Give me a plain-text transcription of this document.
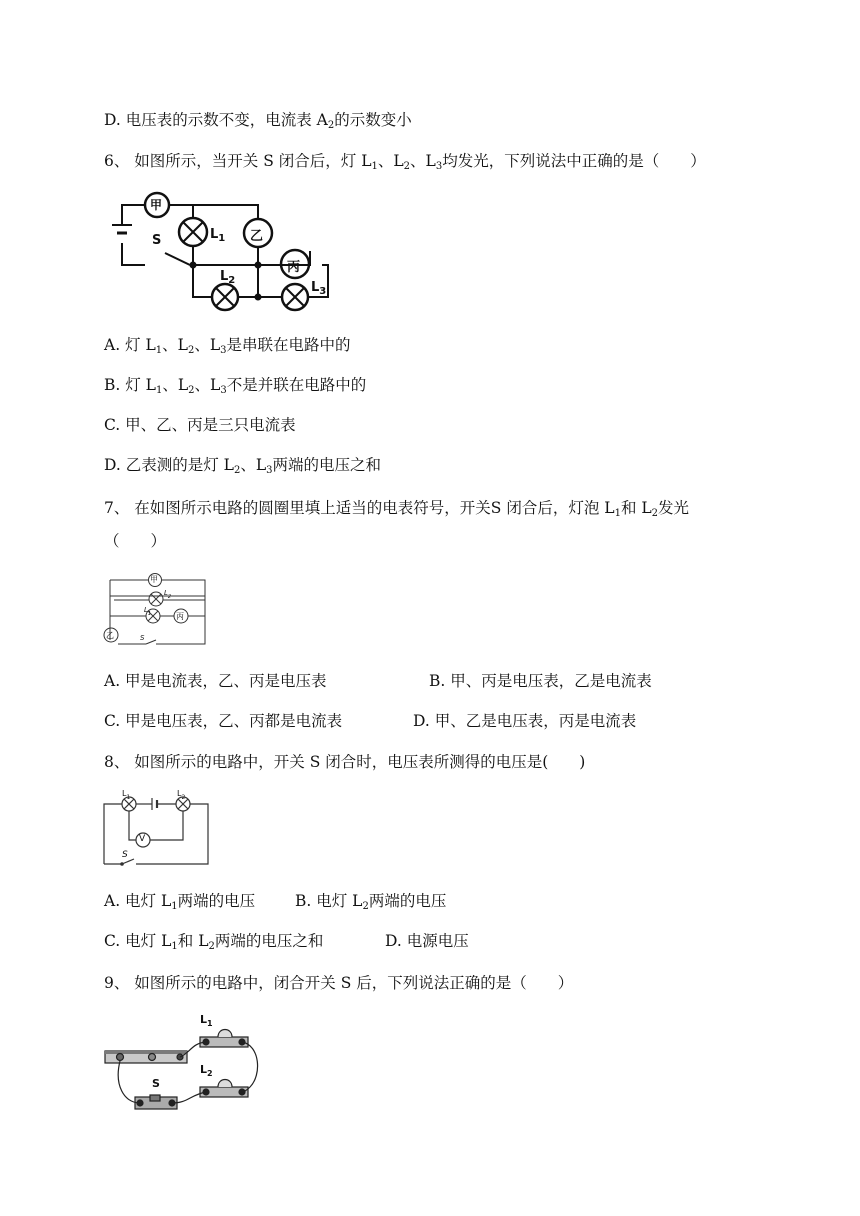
D. 电压表的示数不变，电流表 $A_2$的示数变小
6、 如图所示，当开关 S 闭合后，灯 $L_1$、$L_2$、$L_3$均发光，下列说法中正确的是（　　）
甲
乙
丙
S	$L_1$
$L_2$	$L_3$
A. 灯 $L_1$、$L_2$、$L_3$是串联在电路中的
B. 灯 $L_1$、$L_2$、$L_3$不是并联在电路中的
C. 甲、乙、丙是三只电流表
D. 乙表测的是灯 $L_2$、$L_3$两端的电压之和
7、 在如图所示电路的圆圈里填上适当的电表符号，开关S 闭合后，灯泡 $L_1$和 $L_2$发光
（　　）
甲
丙
乙
$L_2$
$L_1$
S
A. 甲是电流表，乙、丙是电压表	B. 甲、丙是电压表，乙是电流表
C. 甲是电压表，乙、丙都是电流表	D. 甲、乙是电压表，丙是电流表
8、 如图所示的电路中，开关 S 闭合时，电压表所测得的电压是(　　)
$L_1$	$L_2$
V
S
A. 电灯 $L_1$两端的电压	B. 电灯 $L_2$两端的电压
C. 电灯 $L_1$和 $L_2$两端的电压之和	D. 电源电压
9、 如图所示的电路中，闭合开关 S 后，下列说法正确的是（　　）
$L_1$
$L_2$
S
